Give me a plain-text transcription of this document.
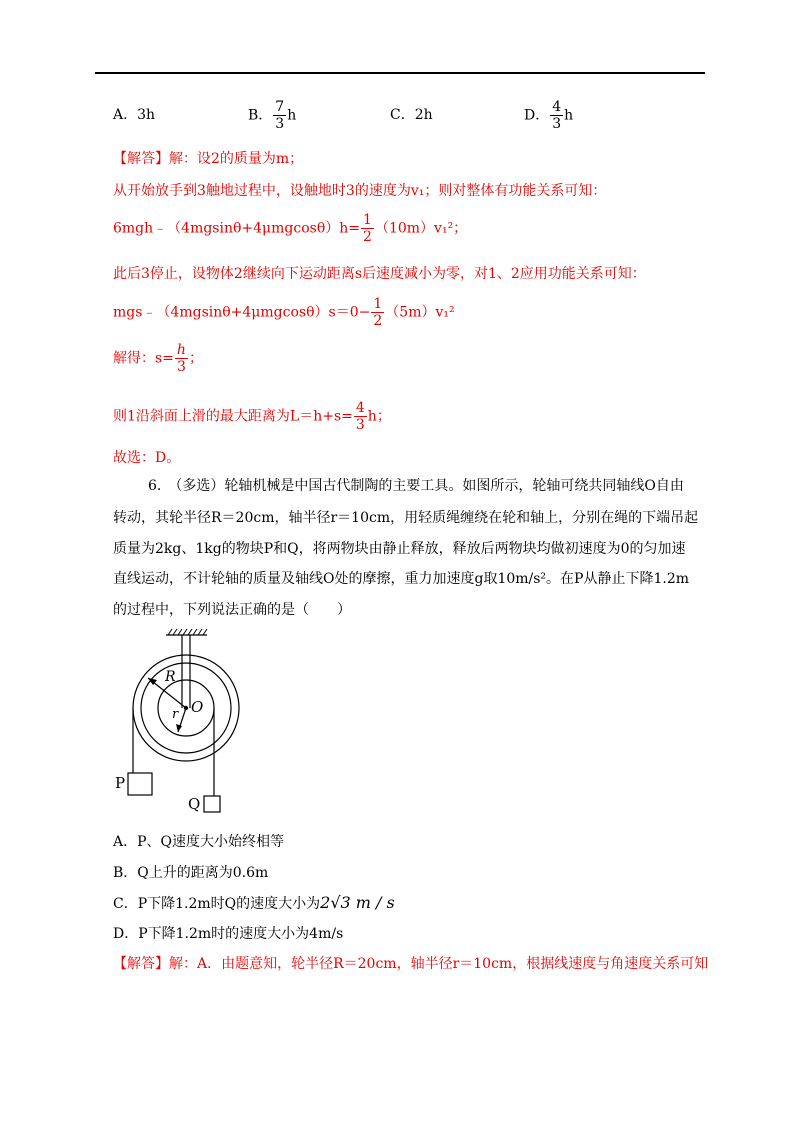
A．3h	B． $\frac{7}{3}$ h	C．2h	D． $\frac{4}{3}$ h
【解答】解：设2的质量为m；
从开始放手到3触地过程中，设触地时3的速度为v₁；则对整体有功能关系可知：
6mgh﹣（4mgsinθ+4μmgcosθ）h= $\frac{1}{2} (10m)v_1^2$；
此后3停止，设物体2继续向下运动距离s后速度减小为零，对1、2应用功能关系可知：
mgs﹣（4mgsinθ+4μmgcosθ）s＝0− $\frac{1}{2} (5m)v_1^2$
解得：$s= \frac{h}{3}$ ；
则1沿斜面上滑的最大距离为$L=h+s= \frac{4}{3}$ h；
故选：D。
6.　（多选）轮轴机械是中国古代制陶的主要工具。如图所示，轮轴可绕共同轴线O自由
转动，其轮半径R＝20cm，轴半径r＝10cm，用轻质绳缠绕在轮和轴上，分别在绳的下端吊起
质量为2kg、1kg的物块P和Q，将两物块由静止释放，释放后两物块均做初速度为0的匀加速
直线运动，不计轮轴的质量及轴线O处的摩擦，重力加速度g取10m/s²。在P从静止下降1.2m
的过程中，下列说法正确的是（　　）
R
r O
P
Q
A．P、Q速度大小始终相等
B．Q上升的距离为0.6m
C．P下降1.2m时Q的速度大小为2√3 m / s
D．P下降1.2m时的速度大小为4m/s
【解答】解：A．由题意知，轮半径R＝20cm，轴半径r＝10cm，根据线速度与角速度关系可知
